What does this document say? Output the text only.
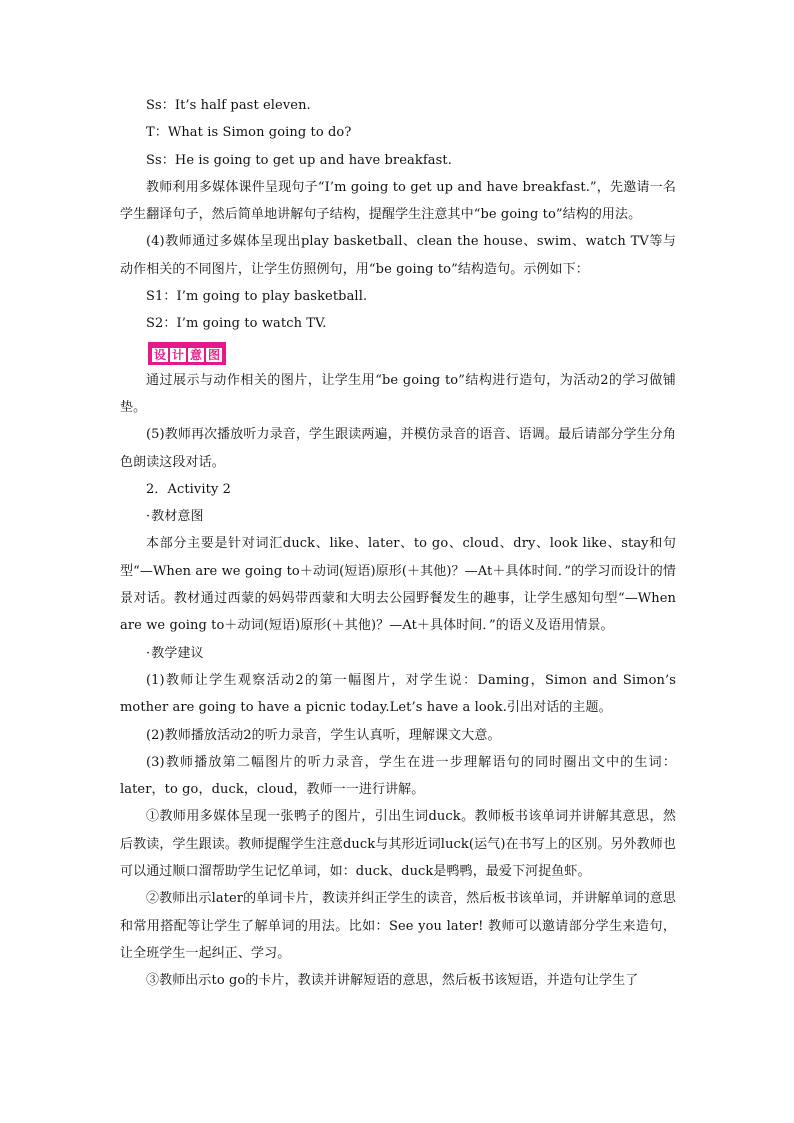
Ss：It’s half past eleven.

T：What is Simon going to do?

Ss：He is going to get up and have breakfast.

教师利用多媒体课件呈现句子“I’m going to get up and have breakfast.”，先邀请一名学生翻译句子，然后简单地讲解句子结构，提醒学生注意其中“be going to”结构的用法。

(4)教师通过多媒体呈现出play basketball、clean the house、swim、watch TV等与动作相关的不同图片，让学生仿照例句，用“be going to”结构造句。示例如下：

S1：I’m going to play basketball.

S2：I’m going to watch TV.

设 计 意 图

通过展示与动作相关的图片，让学生用“be going to”结构进行造句，为活动2的学习做铺垫。

(5)教师再次播放听力录音，学生跟读两遍，并模仿录音的语音、语调。最后请部分学生分角色朗读这段对话。

2．Activity 2

· 教材意图

本部分主要是针对词汇duck、like、later、to go、cloud、dry、look like、stay和句型“—When are we going to＋动词(短语)原形(＋其他)？—At＋具体时间．”的学习而设计的情景对话。教材通过西蒙的妈妈带西蒙和大明去公园野餐发生的趣事，让学生感知句型“—When are we going to＋动词(短语)原形(＋其他)？—At＋具体时间．”的语义及语用情景。

· 教学建议

(1)教师让学生观察活动2的第一幅图片，对学生说：Daming，Simon and Simon’s mother are going to have a picnic today.Let’s have a look.引出对话的主题。

(2)教师播放活动2的听力录音，学生认真听，理解课文大意。

(3)教师播放第二幅图片的听力录音，学生在进一步理解语句的同时圈出文中的生词：later，to go，duck，cloud，教师一一进行讲解。

①教师用多媒体呈现一张鸭子的图片，引出生词duck。教师板书该单词并讲解其意思，然后教读，学生跟读。教师提醒学生注意duck与其形近词luck(运气)在书写上的区别。另外教师也可以通过顺口溜帮助学生记忆单词，如：duck、duck是鸭鸭，最爱下河捉鱼虾。

②教师出示later的单词卡片，教读并纠正学生的读音，然后板书该单词，并讲解单词的意思和常用搭配等让学生了解单词的用法。比如：See you later! 教师可以邀请部分学生来造句，让全班学生一起纠正、学习。

③教师出示to go的卡片，教读并讲解短语的意思，然后板书该短语，并造句让学生了
